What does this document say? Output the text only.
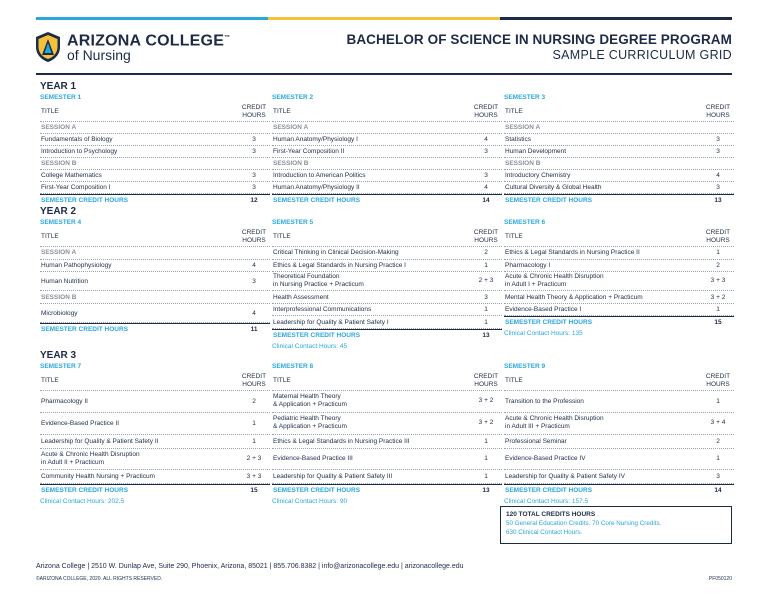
ARIZONA COLLEGE™
of Nursing
BACHELOR OF SCIENCE IN NURSING DEGREE PROGRAM
SAMPLE CURRICULUM GRID
YEAR 1
SEMESTER 1
TITLE
CREDIT HOURS
SESSION A
Fundamentals of Biology	3
Introduction to Psychology	3
SESSION B
College Mathematics	3
First-Year Composition I	3
SEMESTER CREDIT HOURS	12
SEMESTER 2
TITLE
CREDIT HOURS
SESSION A
Human Anatomy/Physiology I	4
First-Year Composition II	3
SESSION B
Introduction to American Politics	3
Human Anatomy/Physiology II	4
SEMESTER CREDIT HOURS	14
SEMESTER 3
TITLE
CREDIT HOURS
SESSION A
Statistics	3
Human Development	3
SESSION B
Introductory Chemistry	4
Cultural Diversity & Global Health	3
SEMESTER CREDIT HOURS	13
YEAR 2
SEMESTER 4
TITLE
CREDIT HOURS
SESSION A
Human Pathophysiology	4
Human Nutrition	3
SESSION B
Microbiology	4
SEMESTER CREDIT HOURS	11
SEMESTER 5
TITLE
CREDIT HOURS
Critical Thinking in Clinical Decision-Making	2
Ethics & Legal Standards in Nursing Practice I	1
Theoretical Foundation
in Nursing Practice + Practicum
2 + 3
Health Assessment	3
Interprofessional Communications	1
Leadership for Quality & Patient Safety I	1
SEMESTER CREDIT HOURS	13
Clinical Contact Hours: 45
SEMESTER 6
TITLE
CREDIT HOURS
Ethics & Legal Standards in Nursing Practice II	1
Pharmacology I	2
Acute & Chronic Health Disruption
in Adult I + Practicum
3 + 3
Mental Health Theory & Application + Practicum	3 + 2
Evidence-Based Practice I	1
SEMESTER CREDIT HOURS	15
Clinical Contact Hours: 135
YEAR 3
SEMESTER 7
TITLE
CREDIT HOURS
Pharmacology II	2
Evidence-Based Practice II	1
Leadership for Quality & Patient Safety II	1
Acute & Chronic Health Disruption
in Adult II + Practicum
2 + 3
Community Health Nursing + Practicum	3 + 3
SEMESTER CREDIT HOURS	15
Clinical Contact Hours: 202.5
SEMESTER 8
TITLE
CREDIT HOURS
Maternal Health Theory
& Application + Practicum
3 + 2
Pediatric Health Theory
& Application + Practicum
3 + 2
Ethics & Legal Standards in Nursing Practice III	1
Evidence-Based Practice III	1
Leadership for Quality & Patient Safety III	1
SEMESTER CREDIT HOURS	13
Clinical Contact Hours: 90
SEMESTER 9
TITLE
CREDIT HOURS
Transition to the Profession	1
Acute & Chronic Health Disruption
in Adult III + Practicum
3 + 4
Professional Seminar	2
Evidence-Based Practice IV	1
Leadership for Quality & Patient Safety IV	3
SEMESTER CREDIT HOURS	14
Clinical Contact Hours: 157.5
120 TOTAL CREDITS HOURS
50 General Education Credits. 70 Core Nursing Credits.
630 Clinical Contact Hours.
Arizona College | 2510 W. Dunlap Ave, Suite 290, Phoenix, Arizona, 85021 | 855.706.8382 | info@arizonacollege.edu | arizonacollege.edu
©ARIZONA COLLEGE, 2020. ALL RIGHTS RESERVED.	PF050120
